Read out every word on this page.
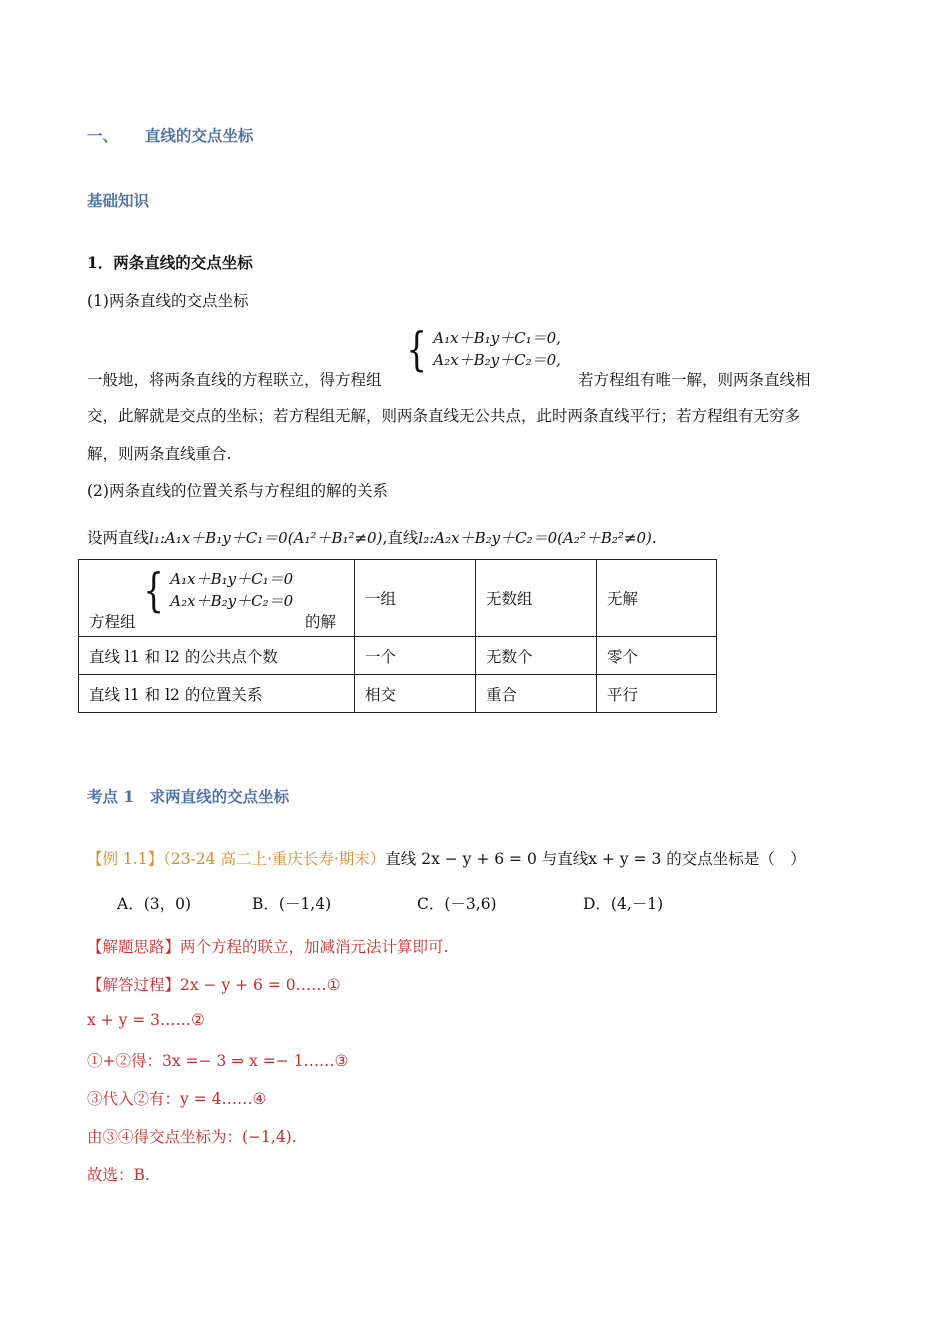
一、 直线的交点坐标
基础知识
1．两条直线的交点坐标
(1)两条直线的交点坐标
{ A₁x＋B₁y＋C₁＝0,
A₂x＋B₂y＋C₂＝0,
一般地，将两条直线的方程联立，得方程组	若方程组有唯一解，则两条直线相
交，此解就是交点的坐标；若方程组无解，则两条直线无公共点，此时两条直线平行；若方程组有无穷多
解，则两条直线重合.
(2)两条直线的位置关系与方程组的解的关系
设两直线l₁:A₁x＋B₁y＋C₁＝0(A₁²＋B₁²≠0),直线l₂:A₂x＋B₂y＋C₂＝0(A₂²＋B₂²≠0).
方程组
{ A₁x＋B₁y＋C₁＝0
A₂x＋B₂y＋C₂＝0
的解	一组	无数组	无解
直线 l1 和 l2 的公共点个数	一个	无数个	零个
直线 l1 和 l2 的位置关系	相交	重合	平行
考点 1　求两直线的交点坐标
【例 1.1】（23-24 高二上·重庆长寿·期末）直线 2x − y + 6 = 0 与直线x + y = 3 的交点坐标是（　）
A．(3，0)	B．(－1,4)	C．(－3,6)	D．(4,－1)
【解题思路】两个方程的联立，加减消元法计算即可.
【解答过程】2x − y + 6 = 0……①
x + y = 3……②
①+②得：3x =− 3 ⇒ x =− 1……③
③代入②有：y = 4……④
由③④得交点坐标为：(−1,4).
故选：B.
